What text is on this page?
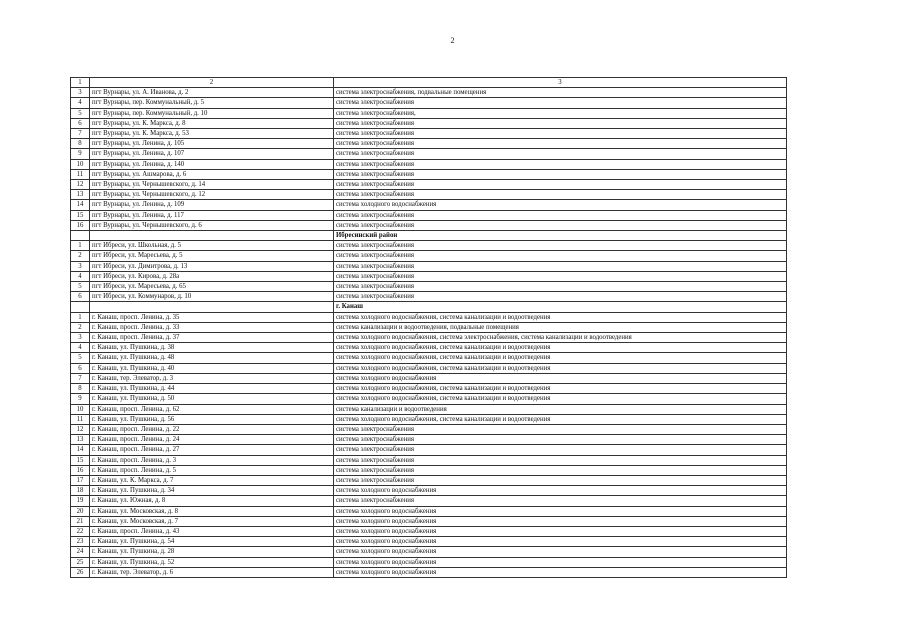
2
1	2	3
3	пгт Вурнары, ул. А. Иванова, д. 2	система электроснабжения, подвальные помещения
4	пгт Вурнары, пер. Коммунальный, д. 5	система электроснабжения
5	пгт Вурнары, пер. Коммунальный, д. 10	система электроснабжения,
6	пгт Вурнары, ул. К. Маркса, д. 8	система электроснабжения
7	пгт Вурнары, ул. К. Маркса, д. 53	система электроснабжения
8	пгт Вурнары, ул. Ленина, д. 105	система электроснабжения
9	пгт Вурнары, ул. Ленина, д. 107	система электроснабжения
10	пгт Вурнары, ул. Ленина, д. 140	система электроснабжения
11	пгт Вурнары, ул. Ашмарова, д. 6	система электроснабжения
12	пгт Вурнары, ул. Чернышевского, д. 14	система электроснабжения
13	пгт Вурнары, ул. Чернышевского, д. 12	система электроснабжения
14	пгт Вурнары, ул. Ленина, д. 109	система холодного водоснабжения
15	пгт Вурнары, ул. Ленина, д. 117	система электроснабжения
16	пгт Вурнары, ул. Чернышевского, д. 6	система электроснабжения
		Ибресинский район
1	пгт Ибреси, ул. Школьная, д. 5	система электроснабжения
2	пгт Ибреси, ул. Маресьева, д. 5	система электроснабжения
3	пгт Ибреси, ул. Димитрова, д. 13	система электроснабжения
4	пгт Ибреси, ул. Кирова, д. 28а	система электроснабжения
5	пгт Ибреси, ул. Маресьева, д. 65	система электроснабжения
6	пгт Ибреси, ул. Коммунаров, д. 10	система электроснабжения
		г. Канаш
1	г. Канаш, просп. Ленина, д. 35	система холодного водоснабжения, система канализации и водоотведения
2	г. Канаш, просп. Ленина, д. 33	система канализации и водоотведения, подвальные помещения
3	г. Канаш, просп. Ленина, д. 37	система холодного водоснабжения, система электроснабжения, система канализации и водоотведения
4	г. Канаш, ул. Пушкина, д. 38	система холодного водоснабжения, система канализации и водоотведения
5	г. Канаш, ул. Пушкина, д. 48	система холодного водоснабжения, система канализации и водоотведения
6	г. Канаш, ул. Пушкина, д. 40	система холодного водоснабжения, система канализации и водоотведения
7	г. Канаш, тер. Элеватор, д. 3	система холодного водоснабжения
8	г. Канаш, ул. Пушкина, д. 44	система холодного водоснабжения, система канализации и водоотведения
9	г. Канаш, ул. Пушкина, д. 50	система холодного водоснабжения, система канализации и водоотведения
10	г. Канаш, просп. Ленина, д. 62	система канализации и водоотведения
11	г. Канаш, ул. Пушкина, д. 56	система холодного водоснабжения, система канализации и водоотведения
12	г. Канаш, просп. Ленина, д. 22	система электроснабжения
13	г. Канаш, просп. Ленина, д. 24	система электроснабжения
14	г. Канаш, просп. Ленина, д. 27	система электроснабжения
15	г. Канаш, просп. Ленина, д. 3	система электроснабжения
16	г. Канаш, просп. Ленина, д. 5	система электроснабжения
17	г. Канаш, ул. К. Маркса, д. 7	система электроснабжения
18	г. Канаш, ул. Пушкина, д. 34	система холодного водоснабжения
19	г. Канаш, ул. Южная, д. 8	система электроснабжения
20	г. Канаш, ул. Московская, д. 8	система холодного водоснабжения
21	г. Канаш, ул. Московская, д. 7	система холодного водоснабжения
22	г. Канаш, просп. Ленина, д. 43	система холодного водоснабжения
23	г. Канаш, ул. Пушкина, д. 54	система холодного водоснабжения
24	г. Канаш, ул. Пушкина, д. 28	система холодного водоснабжения
25	г. Канаш, ул. Пушкина, д. 52	система холодного водоснабжения
26	г. Канаш, тер. Элеватор, д. 6	система холодного водоснабжения
